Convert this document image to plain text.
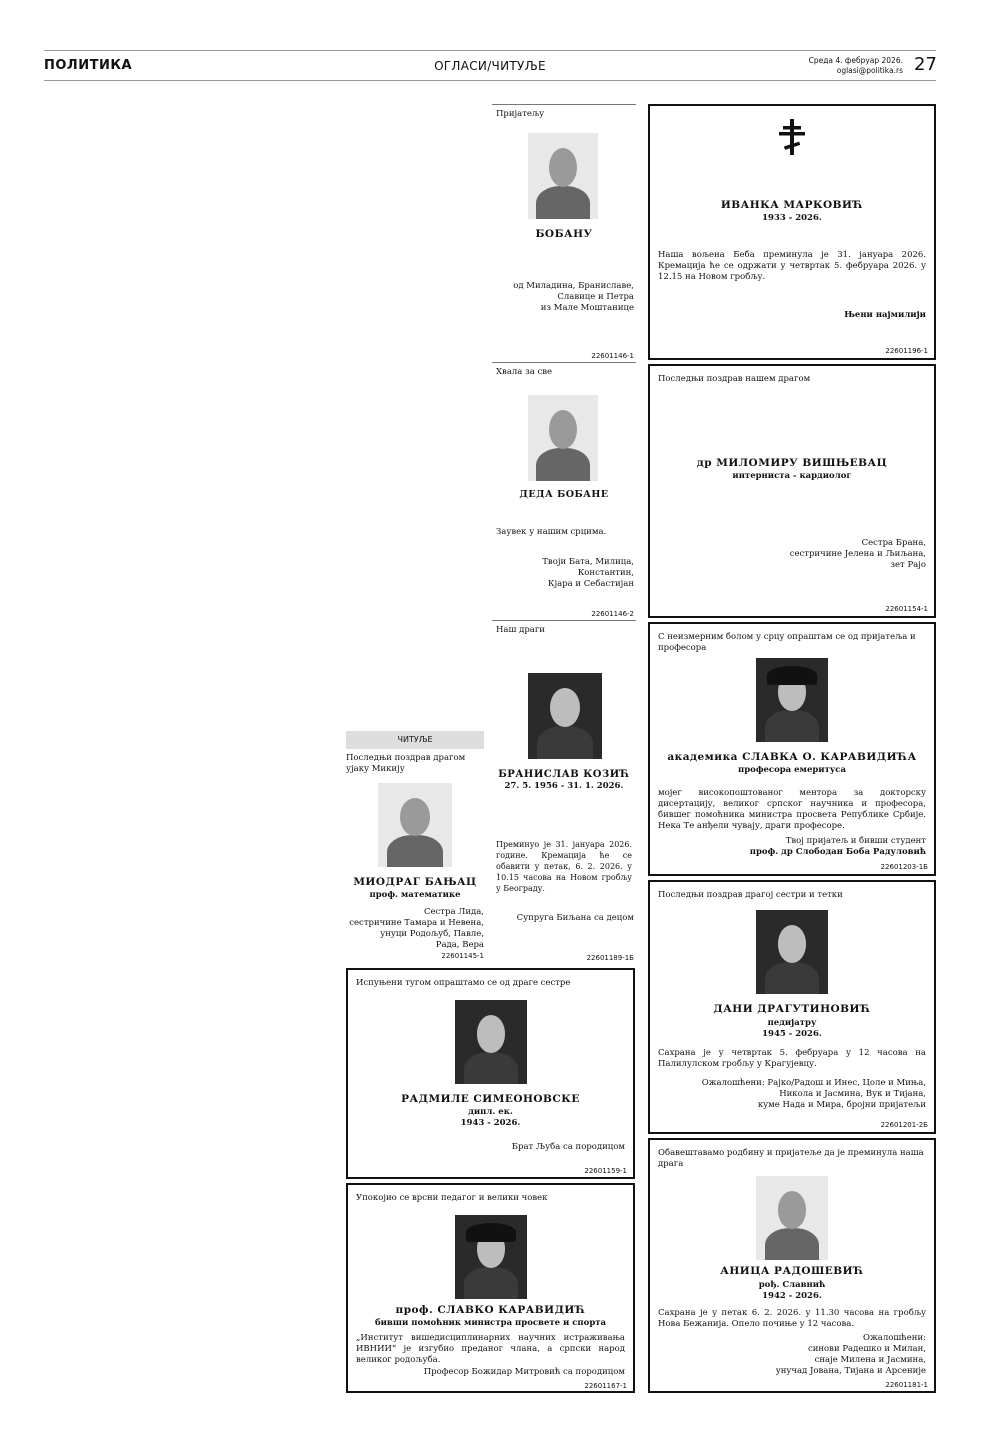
ПОЛИТИКА	ОГЛАСИ/ЧИТУЉЕ	Среда 4. фебруар 2026.
oglasi@politika.rs 27
ЧИТУЉЕ
Последњи поздрав драгом ујаку Микију
МИОДРАГ БАЊАЦ
проф. математике
Сестра Лида,
сестричине Тамара и Невена,
унуци Родољуб, Павле,
Рада, Вера
22601145-1
Пријатељу
БОБАНУ
од Миладина, Браниславе,
Славице и Петра
из Мале Моштанице
22601146-1
Хвала за све
ДЕДА БОБАНЕ
Заувек у нашим срцима.
Твоји Бата, Милица,
Константин,
Кјара и Себастијан
22601146-2
Наш драги
БРАНИСЛАВ КОЗИЋ
27. 5. 1956 - 31. 1. 2026.
Преминуо је 31. јануара 2026. године. Кремација ће се обавити у петак, 6. 2. 2026. у 10.15 часова на Новом гробљу у Београду.
Супруга Биљана са децом
22601189-1Б
Испуњени тугом опраштамо се од драге сестре
РАДМИЛЕ СИМЕОНОВСКЕ
дипл. ек.
1943 - 2026.
Брат Љуба са породицом
22601159-1
Упокојио се врсни педагог и велики човек
проф. СЛАВКО КАРАВИДИЋ
бивши помоћник министра просвете и спорта
„Институт вишедисциплинарних научних истраживања ИВНИИ“ је изгубио преданог члана, а српски народ великог родољуба.
Професор Божидар Митровић са породицом
22601167-1
ИВАНКА МАРКОВИЋ
1933 - 2026.
Наша вољена Беба преминула је 31. јануара 2026. Кремација ће се одржати у четвртак 5. фебруара 2026. у 12.15 на Новом гробљу.
Њени најмилији
22601196-1
Последњи поздрав нашем драгом
др МИЛОМИРУ ВИШЊЕВАЦ
интерниста - кардиолог
Сестра Брана,
сестричине Јелена и Љиљана,
зет Рајо
22601154-1
С неизмерним болом у срцу опраштам се од пријатеља и професора
академика СЛАВКА О. КАРАВИДИЋА
професора емеритуса
мојег високопоштованог ментора за докторску дисертацију, великог српског научника и професора, бившег помоћника министра просвета Републике Србије. Нека Те анђели чувају, драги професоре.
Твој пријатељ и бивши студент
проф. др Слободан Боба Радуловић
22601203-1Б
Последњи поздрав драгој сестри и тетки
ДАНИ ДРАГУТИНОВИЋ
педијатру
1945 - 2026.
Сахрана је у четвртак 5. фебруара у 12 часова на Палилулском гробљу у Крагујевцу.
Ожалошћени: Рајко/Радош и Инес, Цоле и Миња,
Никола и Јасмина, Вук и Тијана,
куме Нада и Мира, бројни пријатељи
22601201-2Б
Обавештавамо родбину и пријатеље да је преминула наша драга
АНИЦА РАДОШЕВИЋ
рођ. Славнић
1942 - 2026.
Сахрана је у петак 6. 2. 2026. у 11.30 часова на гробљу Нова Бежанија. Опело почиње у 12 часова.
Ожалошћени:
синови Радешко и Милан,
снаје Милена и Јасмина,
унучад Јована, Тијана и Арсеније
22601181-1
